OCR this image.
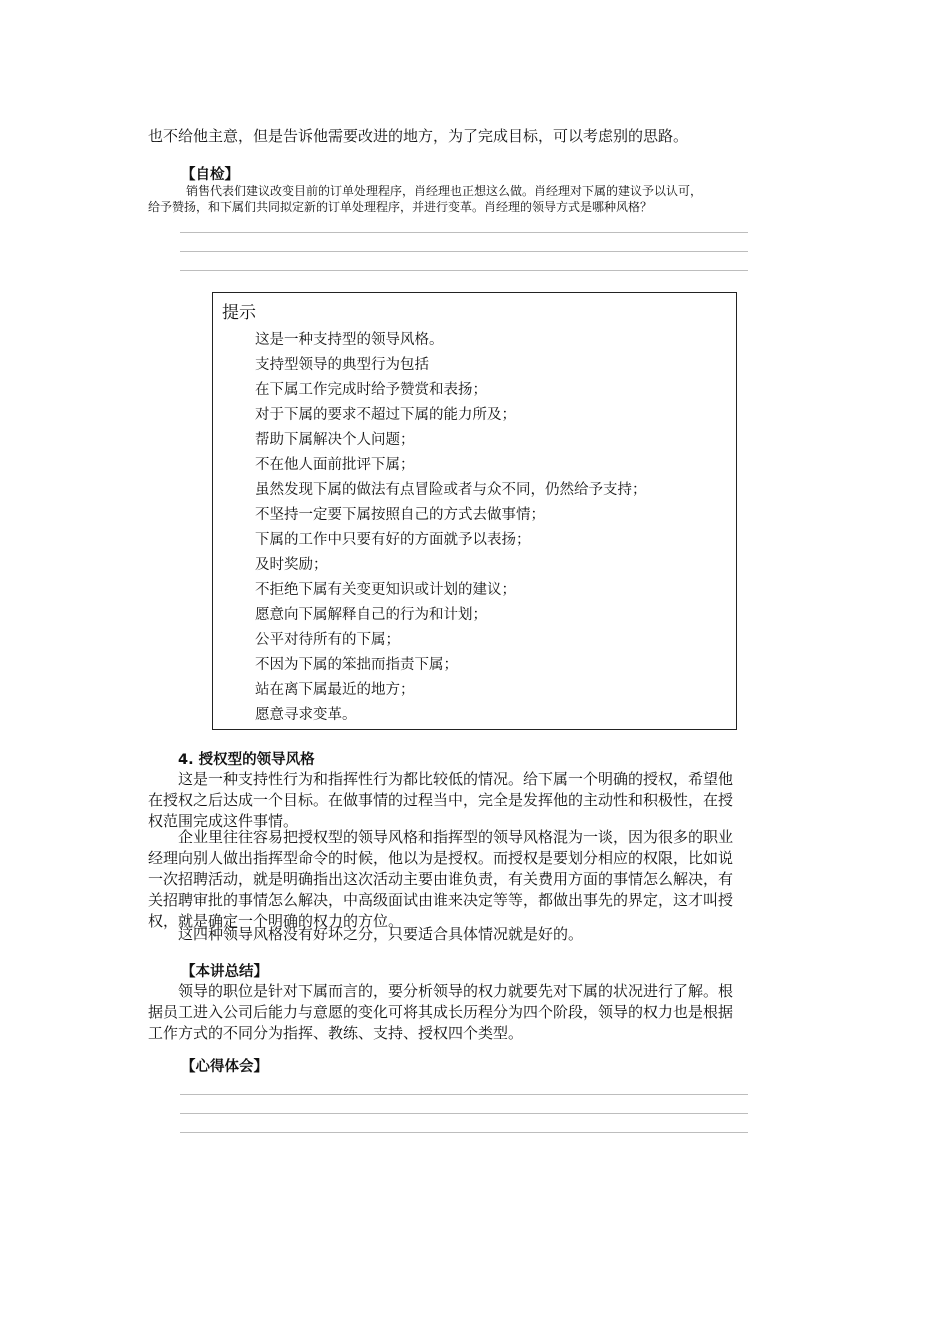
也不给他主意，但是告诉他需要改进的地方，为了完成目标，可以考虑别的思路。
【自检】
销售代表们建议改变目前的订单处理程序，肖经理也正想这么做。肖经理对下属的建议予以认可，
给予赞扬，和下属们共同拟定新的订单处理程序，并进行变革。肖经理的领导方式是哪种风格？
提示
这是一种支持型的领导风格。
支持型领导的典型行为包括
在下属工作完成时给予赞赏和表扬；
对于下属的要求不超过下属的能力所及；
帮助下属解决个人问题；
不在他人面前批评下属；
虽然发现下属的做法有点冒险或者与众不同，仍然给予支持；
不坚持一定要下属按照自己的方式去做事情；
下属的工作中只要有好的方面就予以表扬；
及时奖励；
不拒绝下属有关变更知识或计划的建议；
愿意向下属解释自己的行为和计划；
公平对待所有的下属；
不因为下属的笨拙而指责下属；
站在离下属最近的地方；
愿意寻求变革。
4. 授权型的领导风格
这是一种支持性行为和指挥性行为都比较低的情况。给下属一个明确的授权，希望他
在授权之后达成一个目标。在做事情的过程当中，完全是发挥他的主动性和积极性，在授
权范围完成这件事情。
企业里往往容易把授权型的领导风格和指挥型的领导风格混为一谈，因为很多的职业
经理向别人做出指挥型命令的时候，他以为是授权。而授权是要划分相应的权限，比如说
一次招聘活动，就是明确指出这次活动主要由谁负责，有关费用方面的事情怎么解决，有
关招聘审批的事情怎么解决，中高级面试由谁来决定等等，都做出事先的界定，这才叫授
权，就是确定一个明确的权力的方位。
这四种领导风格没有好坏之分，只要适合具体情况就是好的。
【本讲总结】
领导的职位是针对下属而言的，要分析领导的权力就要先对下属的状况进行了解。根
据员工进入公司后能力与意愿的变化可将其成长历程分为四个阶段，领导的权力也是根据
工作方式的不同分为指挥、教练、支持、授权四个类型。
【心得体会】
